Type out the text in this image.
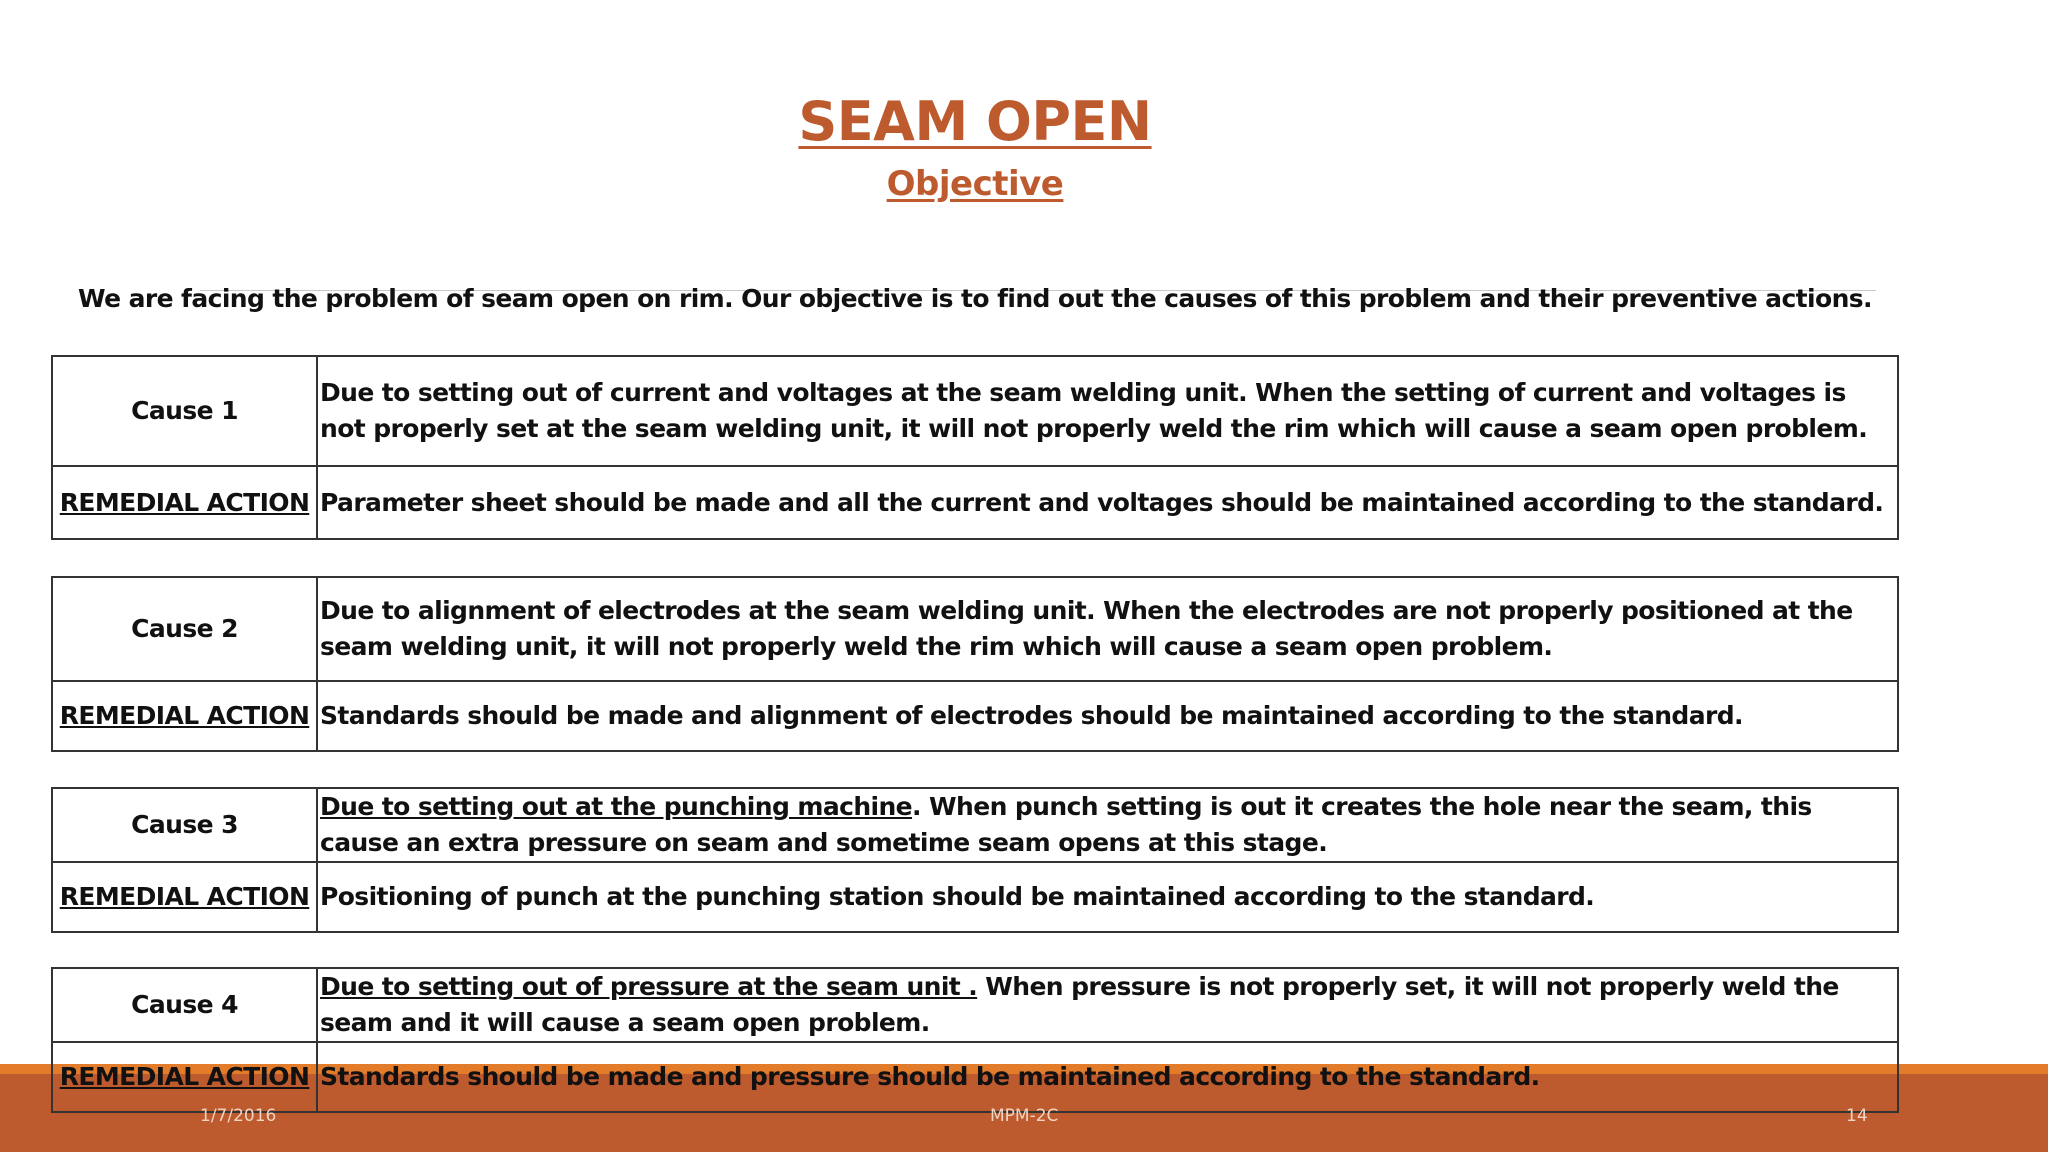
SEAM OPEN
Objective
We are facing the problem of seam open on rim. Our objective is to find out the causes of this problem and their preventive actions.
Cause 1	Due to setting out of current and voltages at the seam welding unit. When the setting of current and voltages is not properly set at the seam welding unit, it will not properly weld the rim which will cause a seam open problem.
REMEDIAL ACTION	Parameter sheet should be made and all the current and voltages should be maintained according to the standard.
Cause 2	Due to alignment of electrodes at the seam welding unit. When the electrodes are not properly positioned at the seam welding unit, it will not properly weld the rim which will cause a seam open problem.
REMEDIAL ACTION	Standards should be made and alignment of electrodes should be maintained according to the standard.
Cause 3	Due to setting out at the punching machine. When punch setting is out it creates the hole near the seam, this cause an extra pressure on seam and sometime seam opens at this stage.
REMEDIAL ACTION	Positioning of punch at the punching station should be maintained according to the standard.
Cause 4	Due to setting out of pressure at the seam unit . When pressure is not properly set, it will not properly weld the seam and it will cause a seam open problem.
REMEDIAL ACTION	Standards should be made and pressure should be maintained according to the standard.
1/7/2016	MPM-2C	14
